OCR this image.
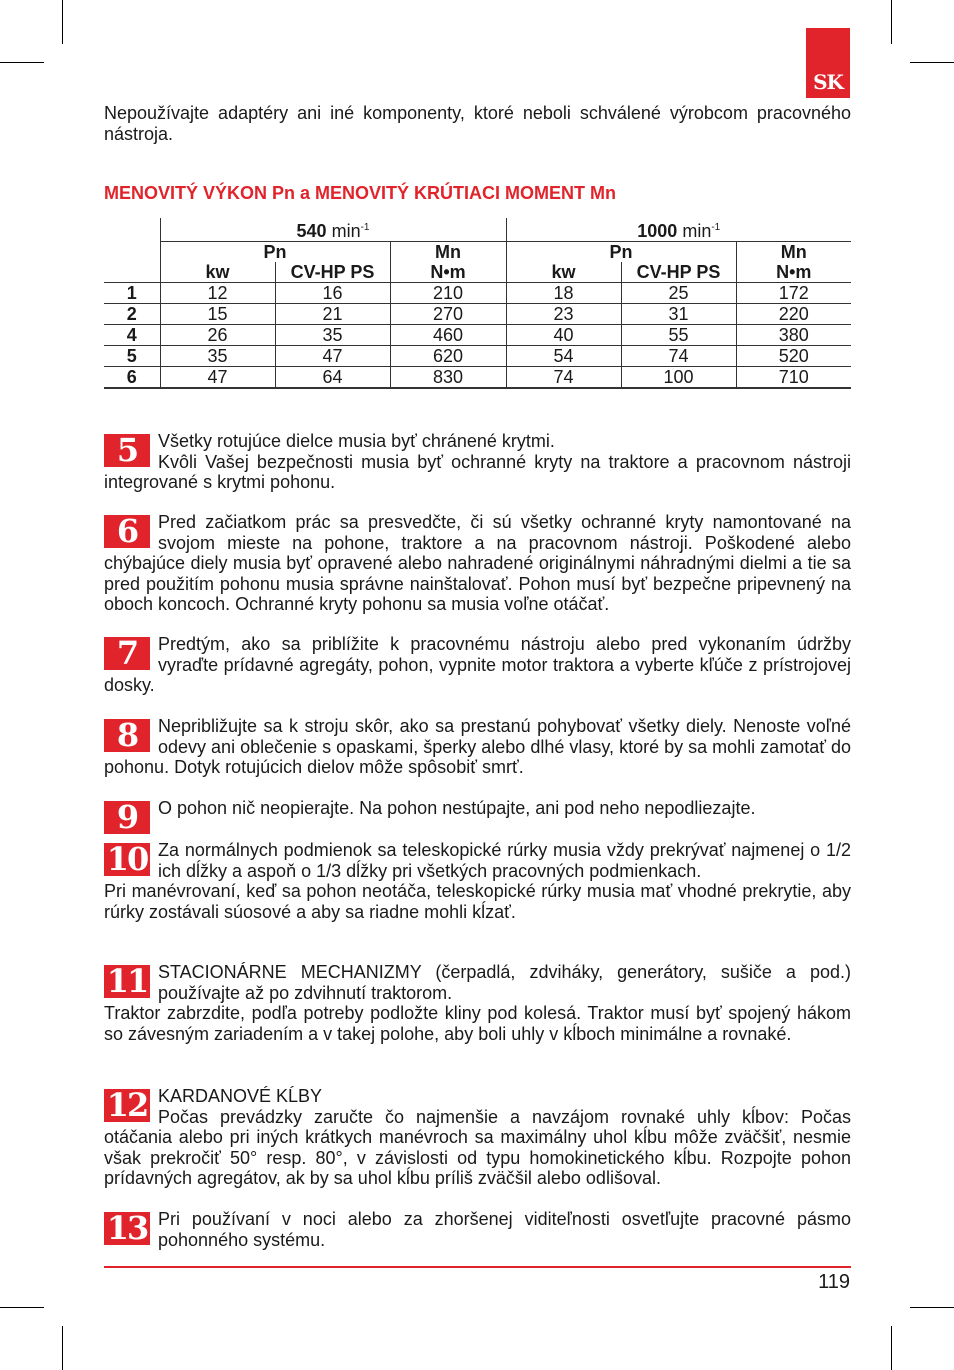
SK
Nepoužívajte adaptéry ani iné komponenty, ktoré neboli schválené výrobcom pracovného nástroja.
MENOVITÝ VÝKON Pn a MENOVITÝ KRÚTIACI MOMENT Mn
	540 $\min^{-1}$			1000 $\min^{-1}$
	Pn		Mn	Pn		Mn
	kw	CV-HP PS	N•m	kw	CV-HP PS	N•m
1	12	16	210	18	25	172
2	15	21	270	23	31	220
4	26	35	460	40	55	380
5	35	47	620	54	74	520
6	47	64	830	74	100	710
5	Všetky rotujúce dielce musia byť chránené krytmi.

Kvôli Vašej bezpečnosti musia byť ochranné kryty na traktore a pracovnom nástroji integrované s krytmi pohonu.

6	Pred začiatkom prác sa presvedčte, či sú všetky ochranné kryty namontované na svojom mieste na pohone, traktore a na pracovnom nástroji. Poškodené alebo chýbajúce diely musia byť opravené alebo nahradené originálnymi náhradnými dielmi a tie sa pred použitím pohonu musia správne nainštalovať. Pohon musí byť bezpečne pripevnený na oboch koncoch. Ochranné kryty pohonu sa musia voľne otáčať.

7	Predtým, ako sa priblížite k pracovnému nástroju alebo pred vykonaním údržby vyraďte prídavné agregáty, pohon, vypnite motor traktora a vyberte kľúče z prístrojovej dosky.

8	Nepribližujte sa k stroju skôr, ako sa prestanú pohybovať všetky diely. Nenoste voľné odevy ani oblečenie s opaskami, šperky alebo dlhé vlasy, ktoré by sa mohli zamotať do pohonu. Dotyk rotujúcich dielov môže spôsobiť smrť.

9	O pohon nič neopierajte. Na pohon nestúpajte, ani pod neho nepodliezajte.

10 Za normálnych podmienok sa teleskopické rúrky musia vždy prekrývať najmenej o 1/2 ich dĺžky a aspoň o 1/3 dĺžky pri všetkých pracovných podmienkach.

Pri manévrovaní, keď sa pohon neotáča, teleskopické rúrky musia mať vhodné prekrytie, aby rúrky zostávali súosové a aby sa riadne mohli kĺzať.

11 STACIONÁRNE MECHANIZMY (čerpadlá, zdviháky, generátory, sušiče a pod.) používajte až po zdvihnutí traktorom.

Traktor zabrzdite, podľa potreby podložte kliny pod kolesá. Traktor musí byť spojený hákom so závesným zariadením a v takej polohe, aby boli uhly v kĺboch minimálne a rovnaké.

12 KARDANOVÉ KĹBY

Počas prevádzky zaručte čo najmenšie a navzájom rovnaké uhly kĺbov: Počas otáčania alebo pri iných krátkych manévroch sa maximálny uhol kĺbu môže zväčšiť, nesmie však prekročiť 50° resp. 80°, v závislosti od typu homokinetického kĺbu. Rozpojte pohon prídavných agregátov, ak by sa uhol kĺbu príliš zväčšil alebo odlišoval.

13 Pri používaní v noci alebo za zhoršenej viditeľnosti osvetľujte pracovné pásmo pohonného systému.

119
